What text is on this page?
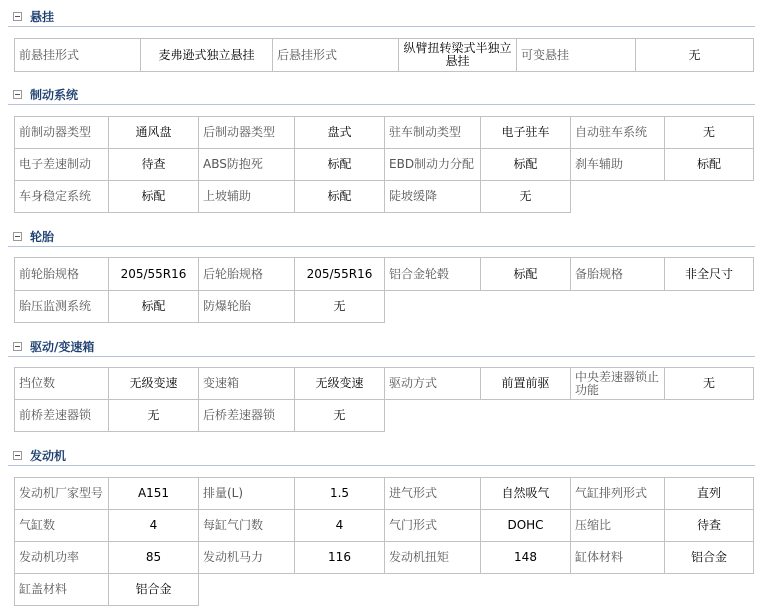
悬挂
前悬挂形式	麦弗逊式独立悬挂	后悬挂形式	纵臂扭转梁式半独立悬挂	可变悬挂	无
制动系统
前制动器类型	通风盘	后制动器类型	盘式	驻车制动类型	电子驻车	自动驻车系统	无
电子差速制动	待查	ABS防抱死	标配	EBD制动力分配	标配	刹车辅助	标配
车身稳定系统	标配	上坡辅助	标配	陡坡缓降	无		
轮胎
前轮胎规格	205/55R16	后轮胎规格	205/55R16	铝合金轮毂	标配	备胎规格	非全尺寸
胎压监测系统	标配	防爆轮胎	无				
驱动/变速箱
挡位数	无级变速	变速箱	无级变速	驱动方式	前置前驱	中央差速器锁止功能	无
前桥差速器锁	无	后桥差速器锁	无				
发动机
发动机厂家型号	A151	排量(L)	1.5	进气形式	自然吸气	气缸排列形式	直列
气缸数	4	每缸气门数	4	气门形式	DOHC	压缩比	待查
发动机功率	85	发动机马力	116	发动机扭矩	148	缸体材料	铝合金
缸盖材料	铝合金						
